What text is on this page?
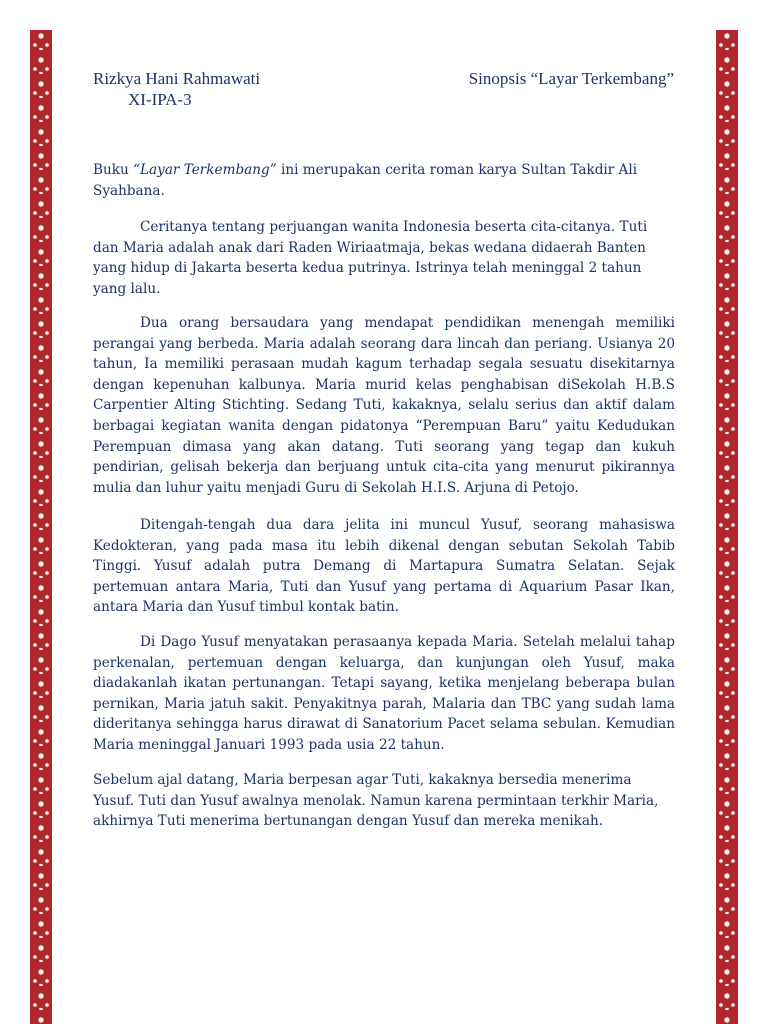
Rizkya Hani Rahmawati
XI-IPA-3
Sinopsis “Layar Terkembang”

Buku “Layar Terkembang” ini merupakan cerita roman karya Sultan Takdir Ali Syahbana.

Ceritanya tentang perjuangan wanita Indonesia beserta cita-citanya. Tuti dan Maria adalah anak dari Raden Wiriaatmaja, bekas wedana didaerah Banten yang hidup di Jakarta beserta kedua putrinya. Istrinya telah meninggal 2 tahun yang lalu.

Dua orang bersaudara yang mendapat pendidikan menengah memiliki perangai yang berbeda. Maria adalah seorang dara lincah dan periang. Usianya 20 tahun, Ia memiliki perasaan mudah kagum terhadap segala sesuatu disekitarnya dengan kepenuhan kalbunya. Maria murid kelas penghabisan diSekolah H.B.S Carpentier Alting Stichting. Sedang Tuti, kakaknya, selalu serius dan aktif dalam berbagai kegiatan wanita dengan pidatonya “Perempuan Baru” yaitu Kedudukan Perempuan dimasa yang akan datang. Tuti seorang yang tegap dan kukuh pendirian, gelisah bekerja dan berjuang untuk cita-cita yang menurut pikirannya mulia dan luhur yaitu menjadi Guru di Sekolah H.I.S. Arjuna di Petojo.

Ditengah-tengah dua dara jelita ini muncul Yusuf, seorang mahasiswa Kedokteran, yang pada masa itu lebih dikenal dengan sebutan Sekolah Tabib Tinggi. Yusuf adalah putra Demang di Martapura Sumatra Selatan. Sejak pertemuan antara Maria, Tuti dan Yusuf yang pertama di Aquarium Pasar Ikan, antara Maria dan Yusuf timbul kontak batin.

Di Dago Yusuf menyatakan perasaanya kepada Maria. Setelah melalui tahap perkenalan, pertemuan dengan keluarga, dan kunjungan oleh Yusuf, maka diadakanlah ikatan pertunangan. Tetapi sayang, ketika menjelang beberapa bulan pernikan, Maria jatuh sakit. Penyakitnya parah, Malaria dan TBC yang sudah lama dideritanya sehingga harus dirawat di Sanatorium Pacet selama sebulan. Kemudian Maria meninggal Januari 1993 pada usia 22 tahun.

Sebelum ajal datang, Maria berpesan agar Tuti, kakaknya bersedia menerima Yusuf. Tuti dan Yusuf awalnya menolak. Namun karena permintaan terkhir Maria, akhirnya Tuti menerima bertunangan dengan Yusuf dan mereka menikah.
